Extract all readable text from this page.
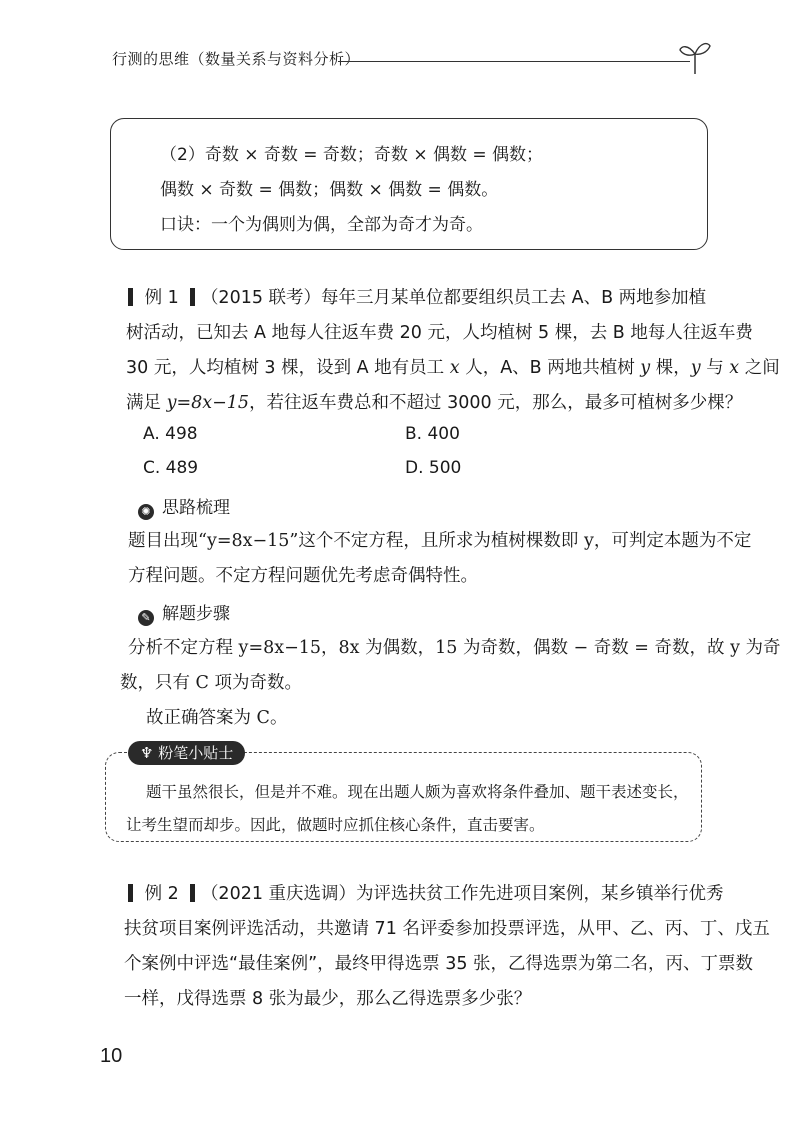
行测的思维（数量关系与资料分析）
（2）奇数 × 奇数 = 奇数；奇数 × 偶数 = 偶数；
偶数 × 奇数 = 偶数；偶数 × 偶数 = 偶数。
口诀：一个为偶则为偶，全部为奇才为奇。
例 1 （2015 联考）每年三月某单位都要组织员工去 A、B 两地参加植
树活动，已知去 A 地每人往返车费 20 元，人均植树 5 棵，去 B 地每人往返车费
30 元，人均植树 3 棵，设到 A 地有员工 x 人，A、B 两地共植树 y 棵，y 与 x 之间
满足 y=8x−15，若往返车费总和不超过 3000 元，那么，最多可植树多少棵？
A. 498	B. 400
C. 489	D. 500
✺ 思路梳理
题目出现“y=8x−15”这个不定方程，且所求为植树棵数即 y，可判定本题为不定
方程问题。不定方程问题优先考虑奇偶特性。
✎ 解题步骤
分析不定方程 y=8x−15，8x 为偶数，15 为奇数，偶数 − 奇数 = 奇数，故 y 为奇
数，只有 C 项为奇数。
故正确答案为 C。
♆ 粉笔小贴士
题干虽然很长，但是并不难。现在出题人颇为喜欢将条件叠加、题干表述变长，
让考生望而却步。因此，做题时应抓住核心条件，直击要害。
例 2 （2021 重庆选调）为评选扶贫工作先进项目案例，某乡镇举行优秀
扶贫项目案例评选活动，共邀请 71 名评委参加投票评选，从甲、乙、丙、丁、戊五
个案例中评选“最佳案例”，最终甲得选票 35 张，乙得选票为第二名，丙、丁票数
一样，戊得选票 8 张为最少，那么乙得选票多少张？
10
